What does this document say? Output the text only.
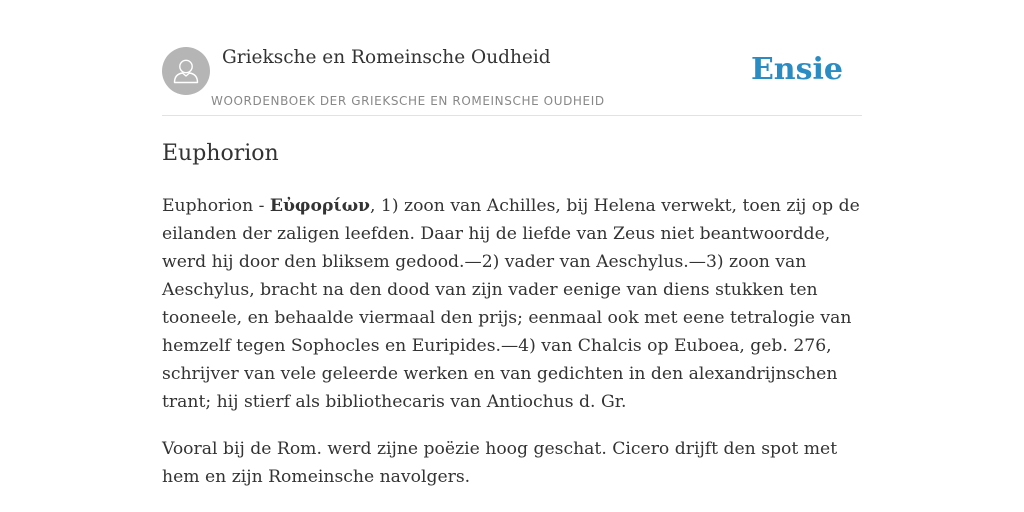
Grieksche en Romeinsche Oudheid
WOORDENBOEK DER GRIEKSCHE EN ROMEINSCHE OUDHEID
Ensie
Euphorion

Euphorion - Εὐφορίων, 1) zoon van Achilles, bij Helena verwekt, toen zij op de eilanden der zaligen leefden. Daar hij de liefde van Zeus niet beantwoordde, werd hij door den bliksem gedood.—2) vader van Aeschylus.—3) zoon van Aeschylus, bracht na den dood van zijn vader eenige van diens stukken ten tooneele, en behaalde viermaal den prijs; eenmaal ook met eene tetralogie van hemzelf tegen Sophocles en Euripides.—4) van Chalcis op Euboea, geb. 276, schrijver van vele geleerde werken en van gedichten in den alexandrijnschen trant; hij stierf als bibliothecaris van Antiochus d. Gr.

Vooral bij de Rom. werd zijne poëzie hoog geschat. Cicero drijft den spot met hem en zijn Romeinsche navolgers.
